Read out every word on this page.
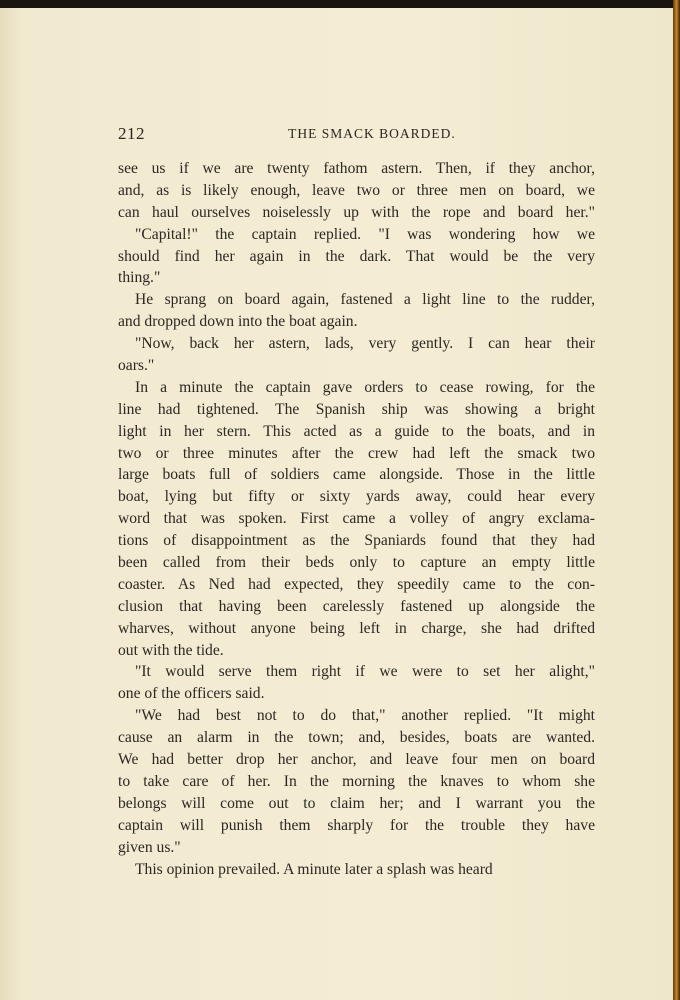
212	THE SMACK BOARDED.
see us if we are twenty fathom astern. Then, if they anchor,
and, as is likely enough, leave two or three men on board, we
can haul ourselves noiselessly up with the rope and board her."
"Capital!" the captain replied. "I was wondering how we
should find her again in the dark. That would be the very
thing."
He sprang on board again, fastened a light line to the rudder,
and dropped down into the boat again.
"Now, back her astern, lads, very gently. I can hear their
oars."
In a minute the captain gave orders to cease rowing, for the
line had tightened. The Spanish ship was showing a bright
light in her stern. This acted as a guide to the boats, and in
two or three minutes after the crew had left the smack two
large boats full of soldiers came alongside. Those in the little
boat, lying but fifty or sixty yards away, could hear every
word that was spoken. First came a volley of angry exclama-
tions of disappointment as the Spaniards found that they had
been called from their beds only to capture an empty little
coaster. As Ned had expected, they speedily came to the con-
clusion that having been carelessly fastened up alongside the
wharves, without anyone being left in charge, she had drifted
out with the tide.
"It would serve them right if we were to set her alight,"
one of the officers said.
"We had best not to do that," another replied. "It might
cause an alarm in the town; and, besides, boats are wanted.
We had better drop her anchor, and leave four men on board
to take care of her. In the morning the knaves to whom she
belongs will come out to claim her; and I warrant you the
captain will punish them sharply for the trouble they have
given us."
This opinion prevailed. A minute later a splash was heard
